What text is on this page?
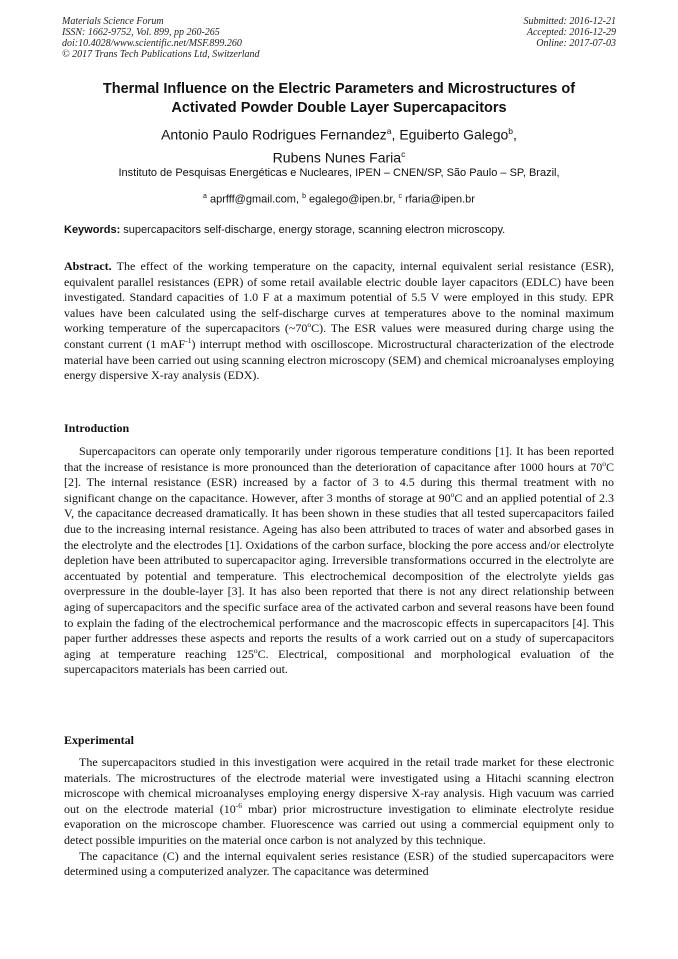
Materials Science Forum
ISSN: 1662-9752, Vol. 899, pp 260-265
doi:10.4028/www.scientific.net/MSF.899.260
© 2017 Trans Tech Publications Ltd, Switzerland
Submitted: 2016-12-21
Accepted: 2016-12-29
Online: 2017-07-03
Thermal Influence on the Electric Parameters and Microstructures of
Activated Powder Double Layer Supercapacitors
Antonio Paulo Rodrigues Fernandez$^a$, Eguiberto Galego$^b$,
Rubens Nunes Faria$^c$
Instituto de Pesquisas Energéticas e Nucleares, IPEN – CNEN/SP, São Paulo – SP, Brazil,
$^a$ aprfff@gmail.com, $^b$ egalego@ipen.br, $^c$ rfaria@ipen.br
Keywords: supercapacitors self-discharge, energy storage, scanning electron microscopy.

Abstract. The effect of the working temperature on the capacity, internal equivalent serial resistance (ESR), equivalent parallel resistances (EPR) of some retail available electric double layer capacitors (EDLC) have been investigated. Standard capacities of 1.0 F at a maximum potential of 5.5 V were employed in this study. EPR values have been calculated using the self-discharge curves at temperatures above to the nominal maximum working temperature of the supercapacitors (~70$^o$C). The ESR values were measured during charge using the constant current (1 mAF$^{-1}$) interrupt method with oscilloscope. Microstructural characterization of the electrode material have been carried out using scanning electron microscopy (SEM) and chemical microanalyses employing energy dispersive X-ray analysis (EDX).

Introduction

Supercapacitors can operate only temporarily under rigorous temperature conditions [1]. It has been reported that the increase of resistance is more pronounced than the deterioration of capacitance after 1000 hours at 70$^o$C [2]. The internal resistance (ESR) increased by a factor of 3 to 4.5 during this thermal treatment with no significant change on the capacitance. However, after 3 months of storage at 90$^o$C and an applied potential of 2.3 V, the capacitance decreased dramatically. It has been shown in these studies that all tested supercapacitors failed due to the increasing internal resistance. Ageing has also been attributed to traces of water and absorbed gases in the electrolyte and the electrodes [1]. Oxidations of the carbon surface, blocking the pore access and/or electrolyte depletion have been attributed to supercapacitor aging. Irreversible transformations occurred in the electrolyte are accentuated by potential and temperature. This electrochemical decomposition of the electrolyte yields gas overpressure in the double-layer [3]. It has also been reported that there is not any direct relationship between aging of supercapacitors and the specific surface area of the activated carbon and several reasons have been found to explain the fading of the electrochemical performance and the macroscopic effects in supercapacitors [4]. This paper further addresses these aspects and reports the results of a work carried out on a study of supercapacitors aging at temperature reaching 125$^o$C. Electrical, compositional and morphological evaluation of the supercapacitors materials has been carried out.

Experimental

The supercapacitors studied in this investigation were acquired in the retail trade market for these electronic materials. The microstructures of the electrode material were investigated using a Hitachi scanning electron microscope with chemical microanalyses employing energy dispersive X-ray analysis. High vacuum was carried out on the electrode material ($10^{-6}$ mbar) prior microstructure investigation to eliminate electrolyte residue evaporation on the microscope chamber. Fluorescence was carried out using a commercial equipment only to detect possible impurities on the material once carbon is not analyzed by this technique.

The capacitance (C) and the internal equivalent series resistance (ESR) of the studied supercapacitors were determined using a computerized analyzer. The capacitance was determined
